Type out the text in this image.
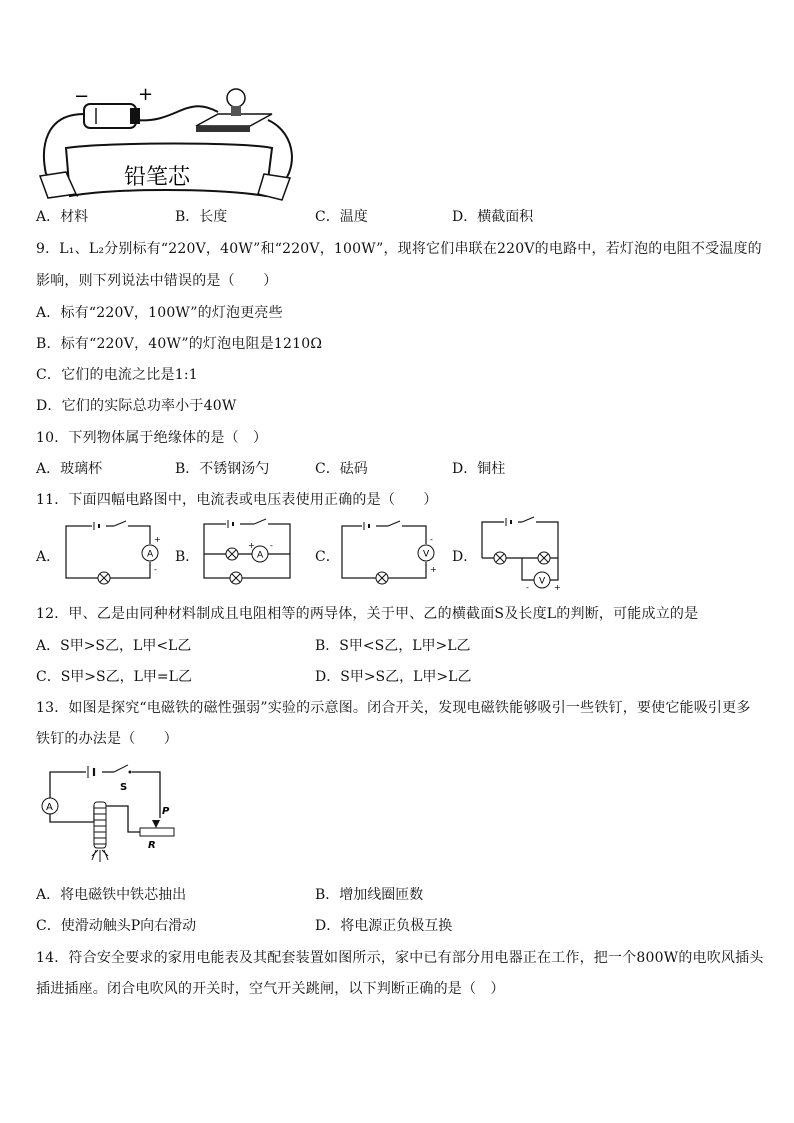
−	+
铅笔芯
A．材料	B．长度	C．温度	D．横截面积
9．L₁、L₂分别标有“220V，40W”和“220V，100W”，现将它们串联在220V的电路中，若灯泡的电阻不受温度的
影响，则下列说法中错误的是（　　）
A．标有“220V，100W”的灯泡更亮些
B．标有“220V，40W”的灯泡电阻是1210Ω
C．它们的电流之比是1:1
D．它们的实际总功率小于40W
10．下列物体属于绝缘体的是（　）
A．玻璃杯	B．不锈钢汤勺	C．砝码	D．铜柱
11．下面四幅电路图中，电流表或电压表使用正确的是（　　）
A．	A
+
-
B．	A
+ -
C．	V
-
+
D．
V
-	+
12．甲、乙是由同种材料制成且电阻相等的两导体，关于甲、乙的横截面S及长度L的判断，可能成立的是
A．S甲>S乙，L甲<L乙	B．S甲<S乙，L甲>L乙
C．S甲>S乙，L甲=L乙	D．S甲>S乙，L甲>L乙
13．如图是探究“电磁铁的磁性强弱”实验的示意图。闭合开关，发现电磁铁能够吸引一些铁钉，要使它能吸引更多
铁钉的办法是（　　）
S
A
R
P
A．将电磁铁中铁芯抽出	B．增加线圈匝数
C．使滑动触头P向右滑动	D．将电源正负极互换
14．符合安全要求的家用电能表及其配套装置如图所示，家中已有部分用电器正在工作，把一个800W的电吹风插头
插进插座。闭合电吹风的开关时，空气开关跳闸，以下判断正确的是（　）
